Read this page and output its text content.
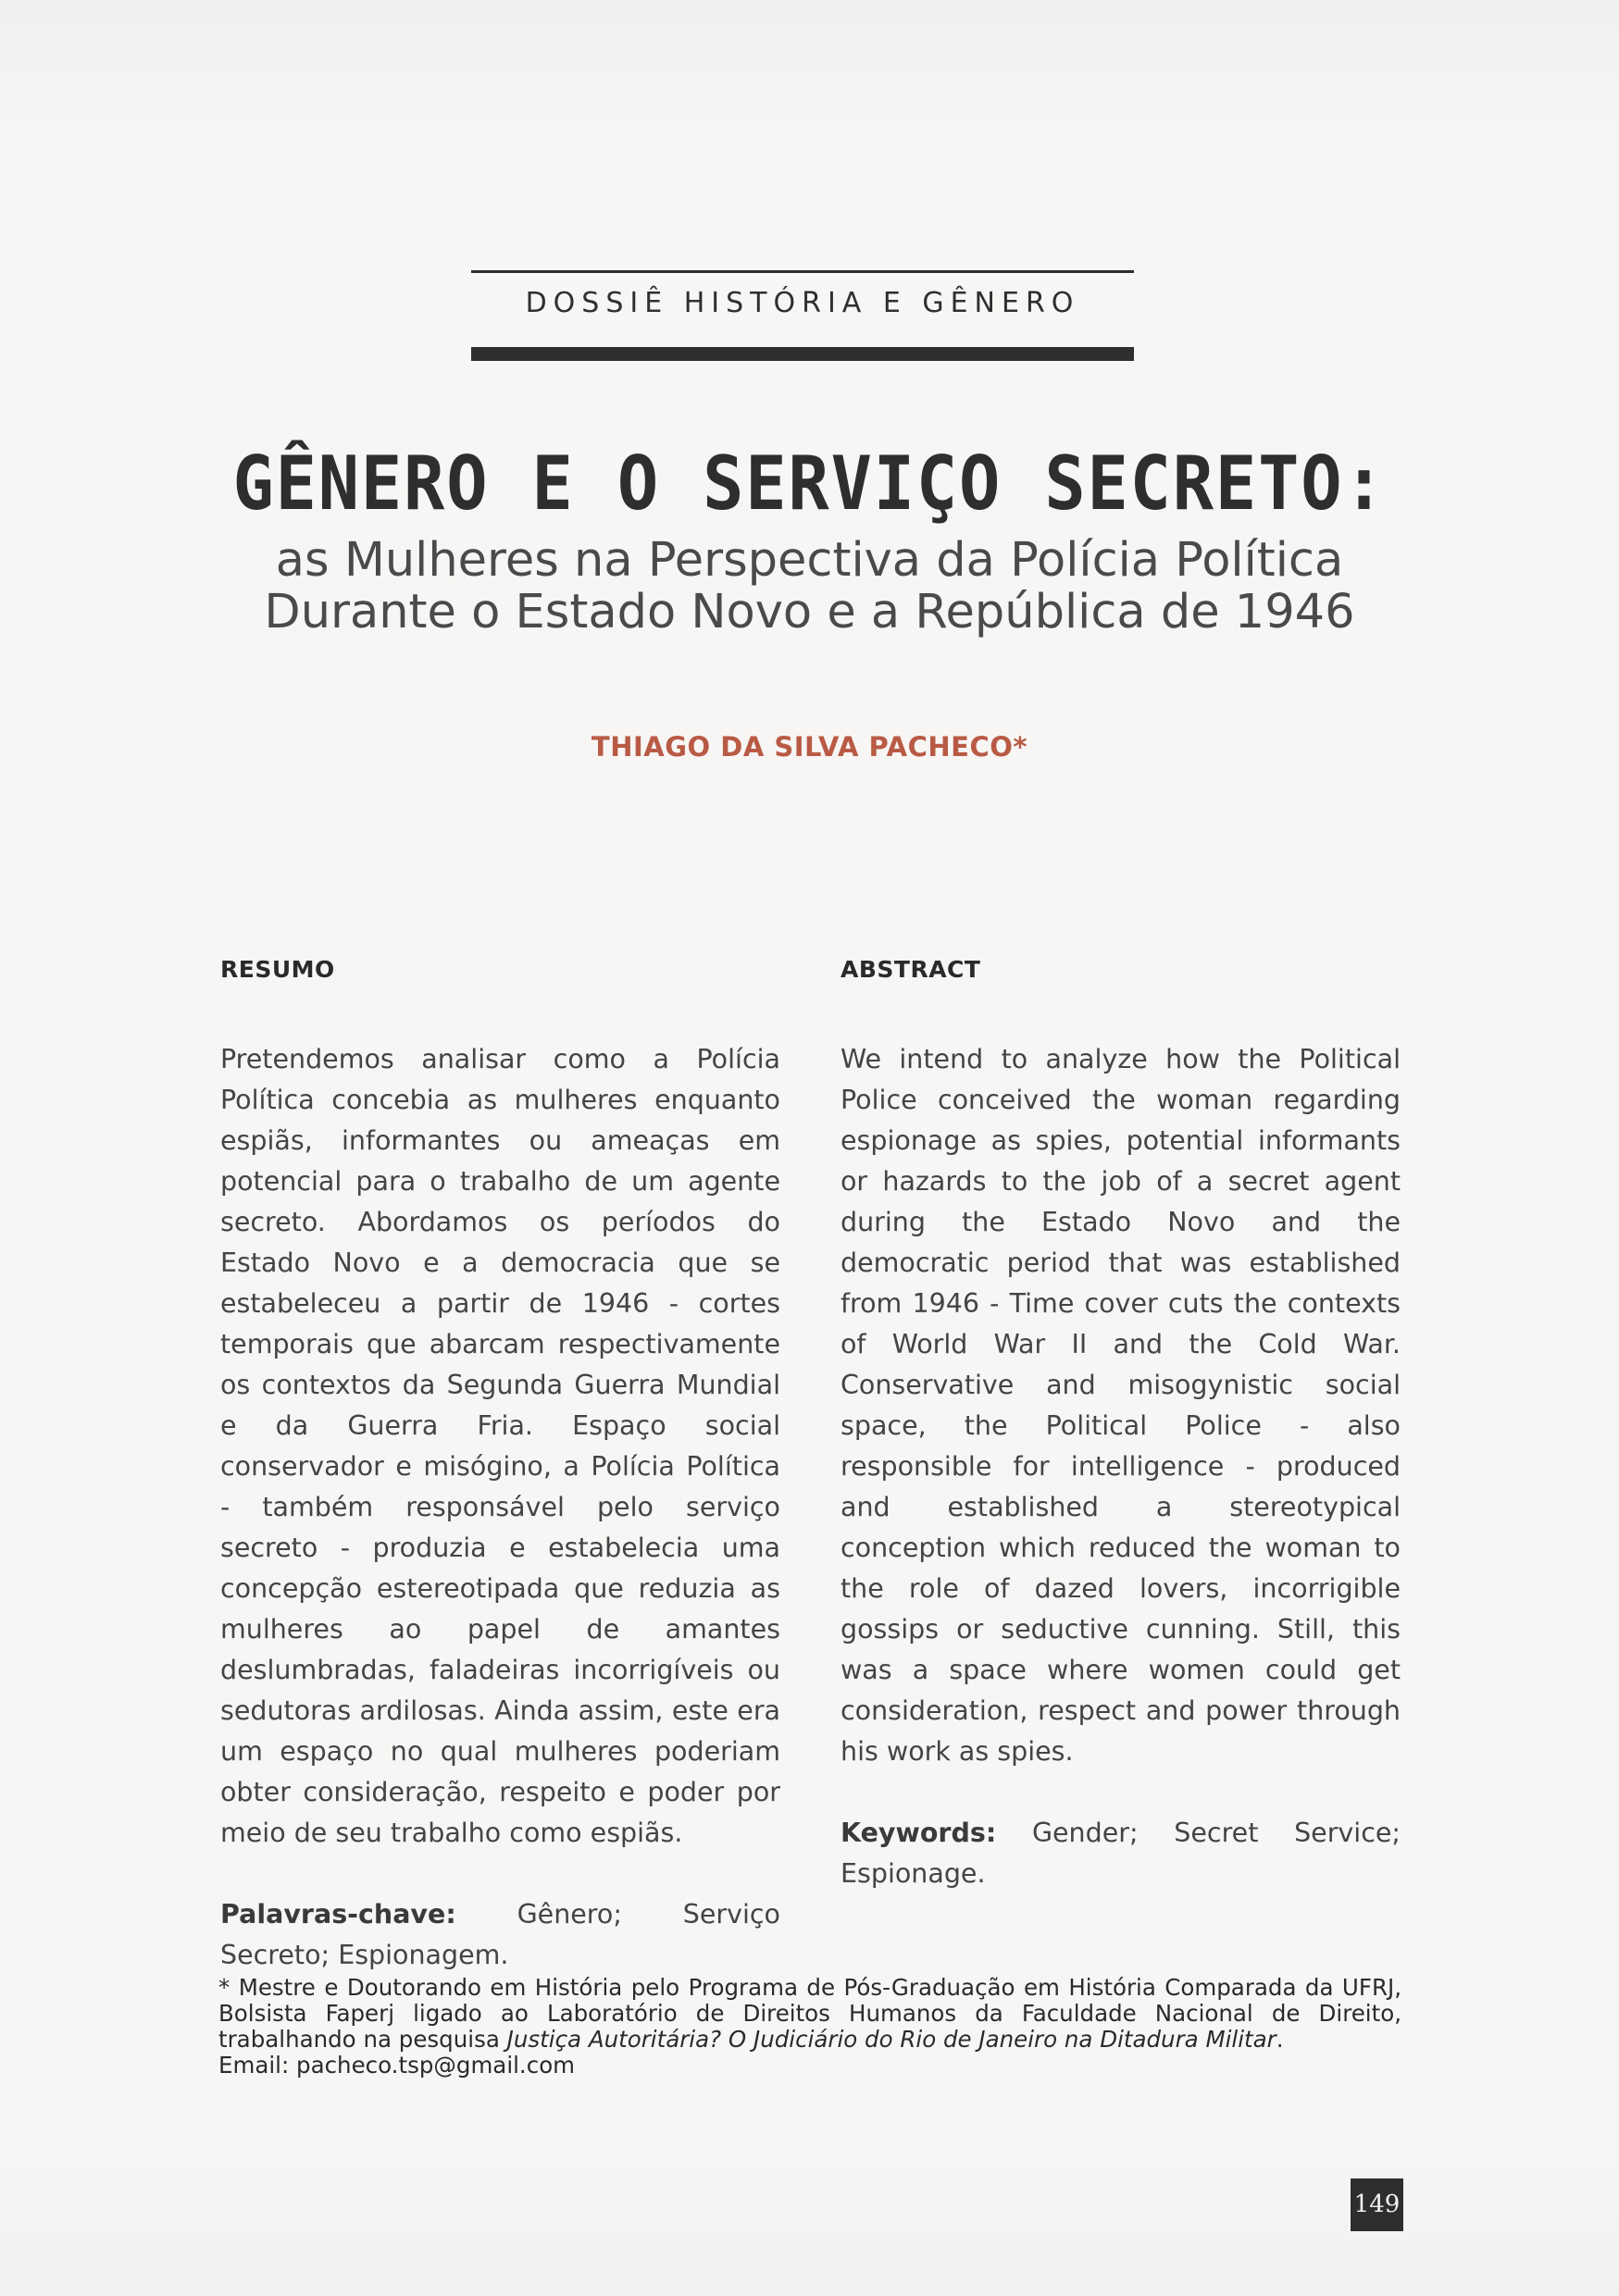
DOSSIÊ HISTÓRIA E GÊNERO
GÊNERO E O SERVIÇO SECRETO:
as Mulheres na Perspectiva da Polícia Política
Durante o Estado Novo e a República de 1946
THIAGO DA SILVA PACHECO*
RESUMO
Pretendemos analisar como a Polícia Política concebia as mulheres enquanto espiãs, informantes ou ameaças em potencial para o trabalho de um agente secreto. Abordamos os períodos do Estado Novo e a democracia que se estabeleceu a partir de 1946 - cortes temporais que abarcam respectivamente os contextos da Segunda Guerra Mundial e da Guerra Fria. Espaço social conservador e misógino, a Polícia Política - também responsável pelo serviço secreto - produzia e estabelecia uma concepção estereotipada que reduzia as mulheres ao papel de amantes deslumbradas, faladeiras incorrigíveis ou sedutoras ardilosas. Ainda assim, este era um espaço no qual mulheres poderiam obter consideração, respeito e poder por meio de seu trabalho como espiãs.
Palavras-chave: Gênero; Serviço Secreto; Espionagem.
ABSTRACT
We intend to analyze how the Political Police conceived the woman regarding espionage as spies, potential informants or hazards to the job of a secret agent during the Estado Novo and the democratic period that was established from 1946 - Time cover cuts the contexts of World War II and the Cold War. Conservative and misogynistic social space, the Political Police - also responsible for intelligence - produced and established a stereotypical conception which reduced the woman to the role of dazed lovers, incorrigible gossips or seductive cunning. Still, this was a space where women could get consideration, respect and power through his work as spies.
Keywords: Gender; Secret Service; Espionage.
* Mestre e Doutorando em História pelo Programa de Pós-Graduação em História Comparada da UFRJ, Bolsista Faperj ligado ao Laboratório de Direitos Humanos da Faculdade Nacional de Direito, trabalhando na pesquisa Justiça Autoritária? O Judiciário do Rio de Janeiro na Ditadura Militar.
Email: pacheco.tsp@gmail.com
149
